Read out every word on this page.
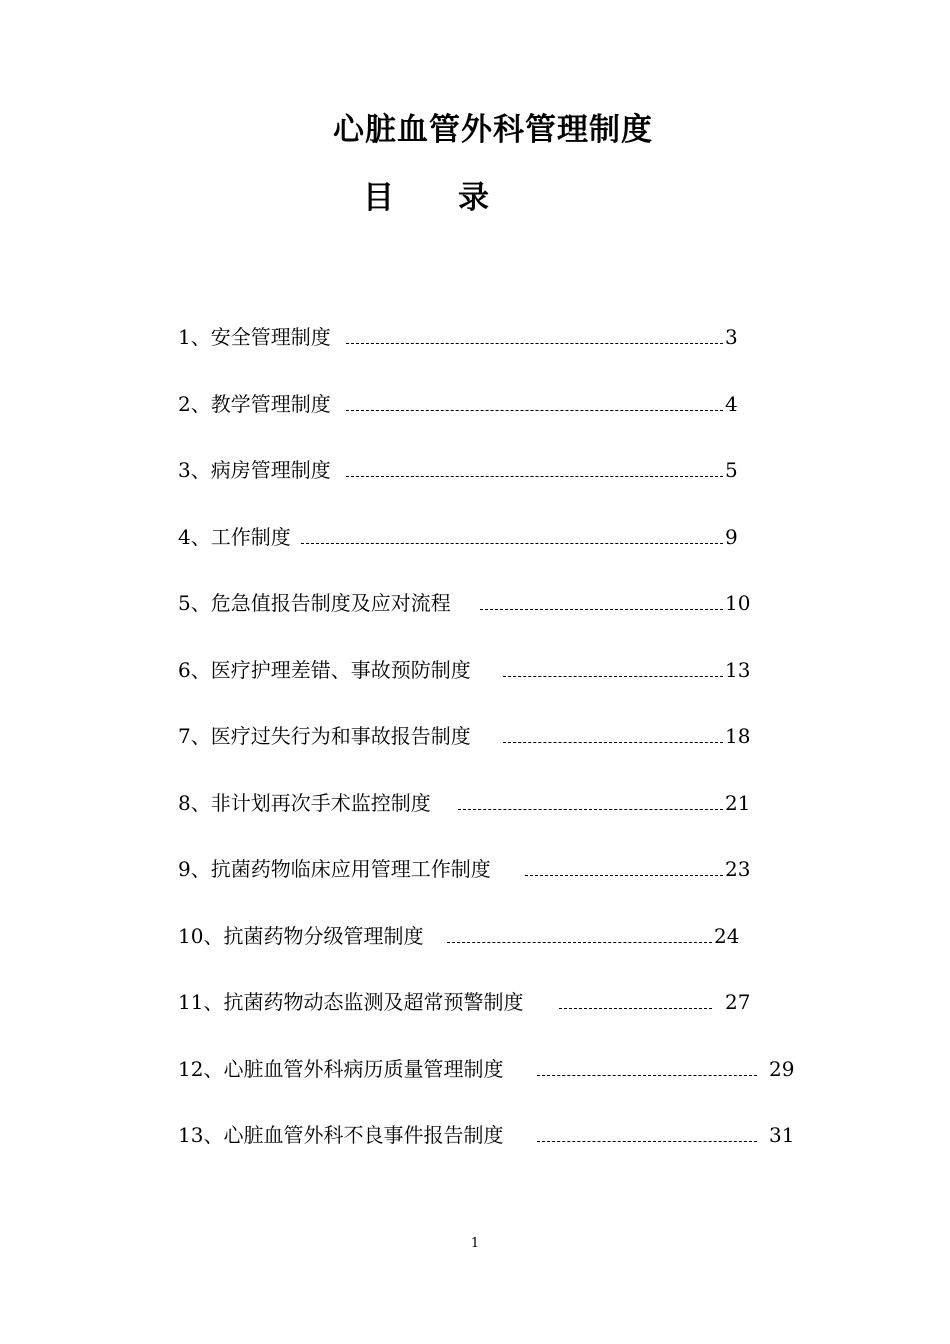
心脏血管外科管理制度
目录
1、安全管理制度	3
2、教学管理制度	4
3、病房管理制度	5
4、工作制度	9
5、危急值报告制度及应对流程	10
6、医疗护理差错、事故预防制度	13
7、医疗过失行为和事故报告制度	18
8、非计划再次手术监控制度	21
9、抗菌药物临床应用管理工作制度	23
10、抗菌药物分级管理制度	24
11、抗菌药物动态监测及超常预警制度	27
12、心脏血管外科病历质量管理制度	29
13、心脏血管外科不良事件报告制度	31
1
